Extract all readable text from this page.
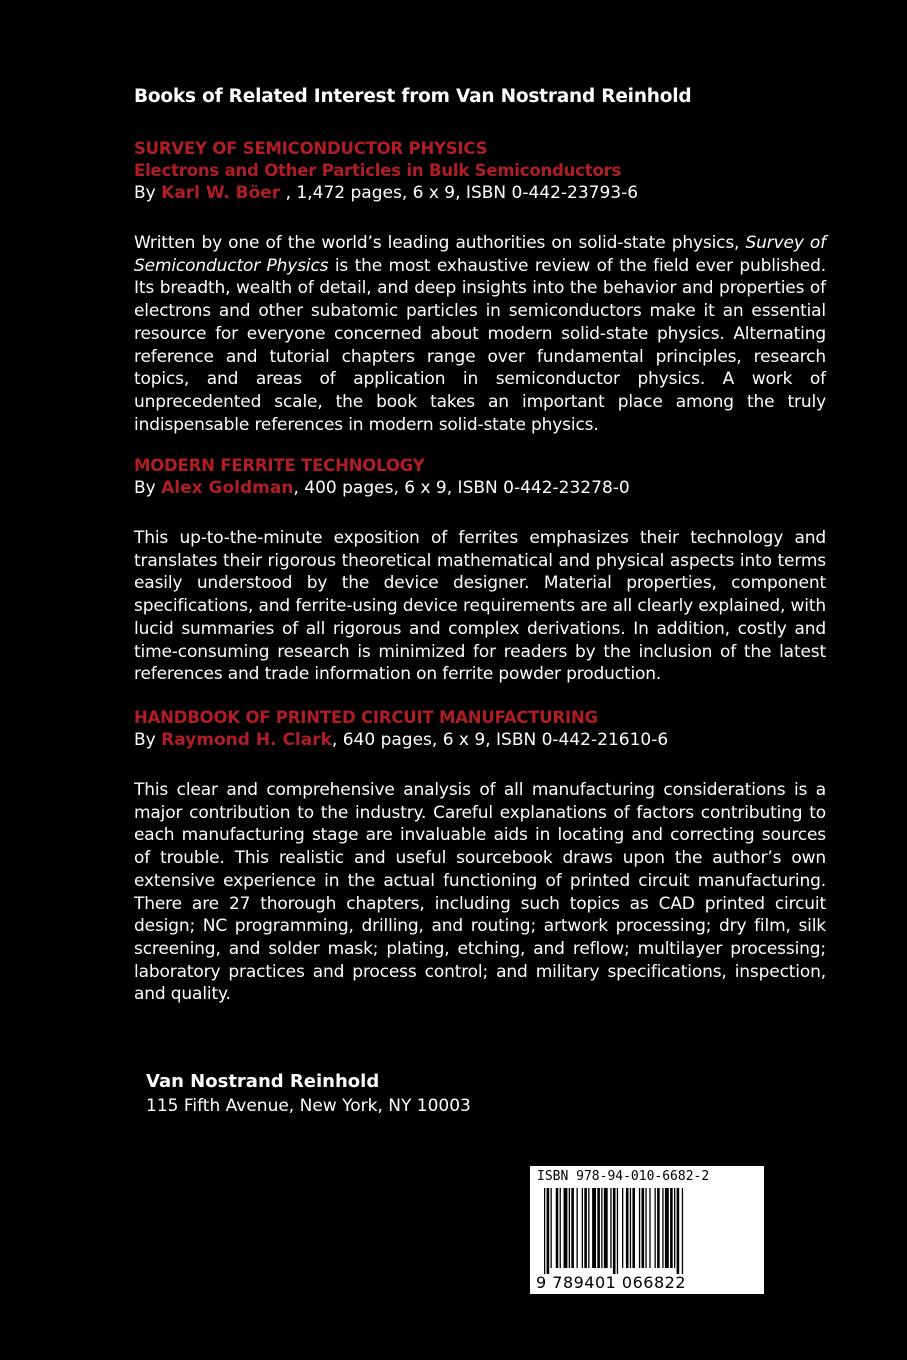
Books of Related Interest from Van Nostrand Reinhold
SURVEY OF SEMICONDUCTOR PHYSICS
Electrons and Other Particles in Bulk Semiconductors
By Karl W. Böer , 1,472 pages, 6 x 9, ISBN 0-442-23793-6

Written by one of the world’s leading authorities on solid-state physics, Survey of Semiconductor Physics is the most exhaustive review of the field ever published. Its breadth, wealth of detail, and deep insights into the behavior and properties of electrons and other subatomic particles in semiconductors make it an essential resource for everyone concerned about modern solid-state physics. Alternating reference and tutorial chapters range over fundamental principles, research topics, and areas of application in semiconductor physics. A work of unprecedented scale, the book takes an important place among the truly indispensable references in modern solid-state physics.

MODERN FERRITE TECHNOLOGY
By Alex Goldman, 400 pages, 6 x 9, ISBN 0-442-23278-0

This up-to-the-minute exposition of ferrites emphasizes their technology and translates their rigorous theoretical mathematical and physical aspects into terms easily understood by the device designer. Material properties, component specifications, and ferrite-using device requirements are all clearly explained, with lucid summaries of all rigorous and complex derivations. In addition, costly and time-consuming research is minimized for readers by the inclusion of the latest references and trade information on ferrite powder production.

HANDBOOK OF PRINTED CIRCUIT MANUFACTURING
By Raymond H. Clark, 640 pages, 6 x 9, ISBN 0-442-21610-6

This clear and comprehensive analysis of all manufacturing considerations is a major contribution to the industry. Careful explanations of factors contributing to each manufacturing stage are invaluable aids in locating and correcting sources of trouble. This realistic and useful sourcebook draws upon the author’s own extensive experience in the actual functioning of printed circuit manufacturing. There are 27 thorough chapters, including such topics as CAD printed circuit design; NC programming, drilling, and routing; artwork processing; dry film, silk screening, and solder mask; plating, etching, and reflow; multilayer processing; laboratory practices and process control; and military specifications, inspection, and quality.

Van Nostrand Reinhold
115 Fifth Avenue, New York, NY 10003
ISBN 978-94-010-6682-2
9 789401 066822
